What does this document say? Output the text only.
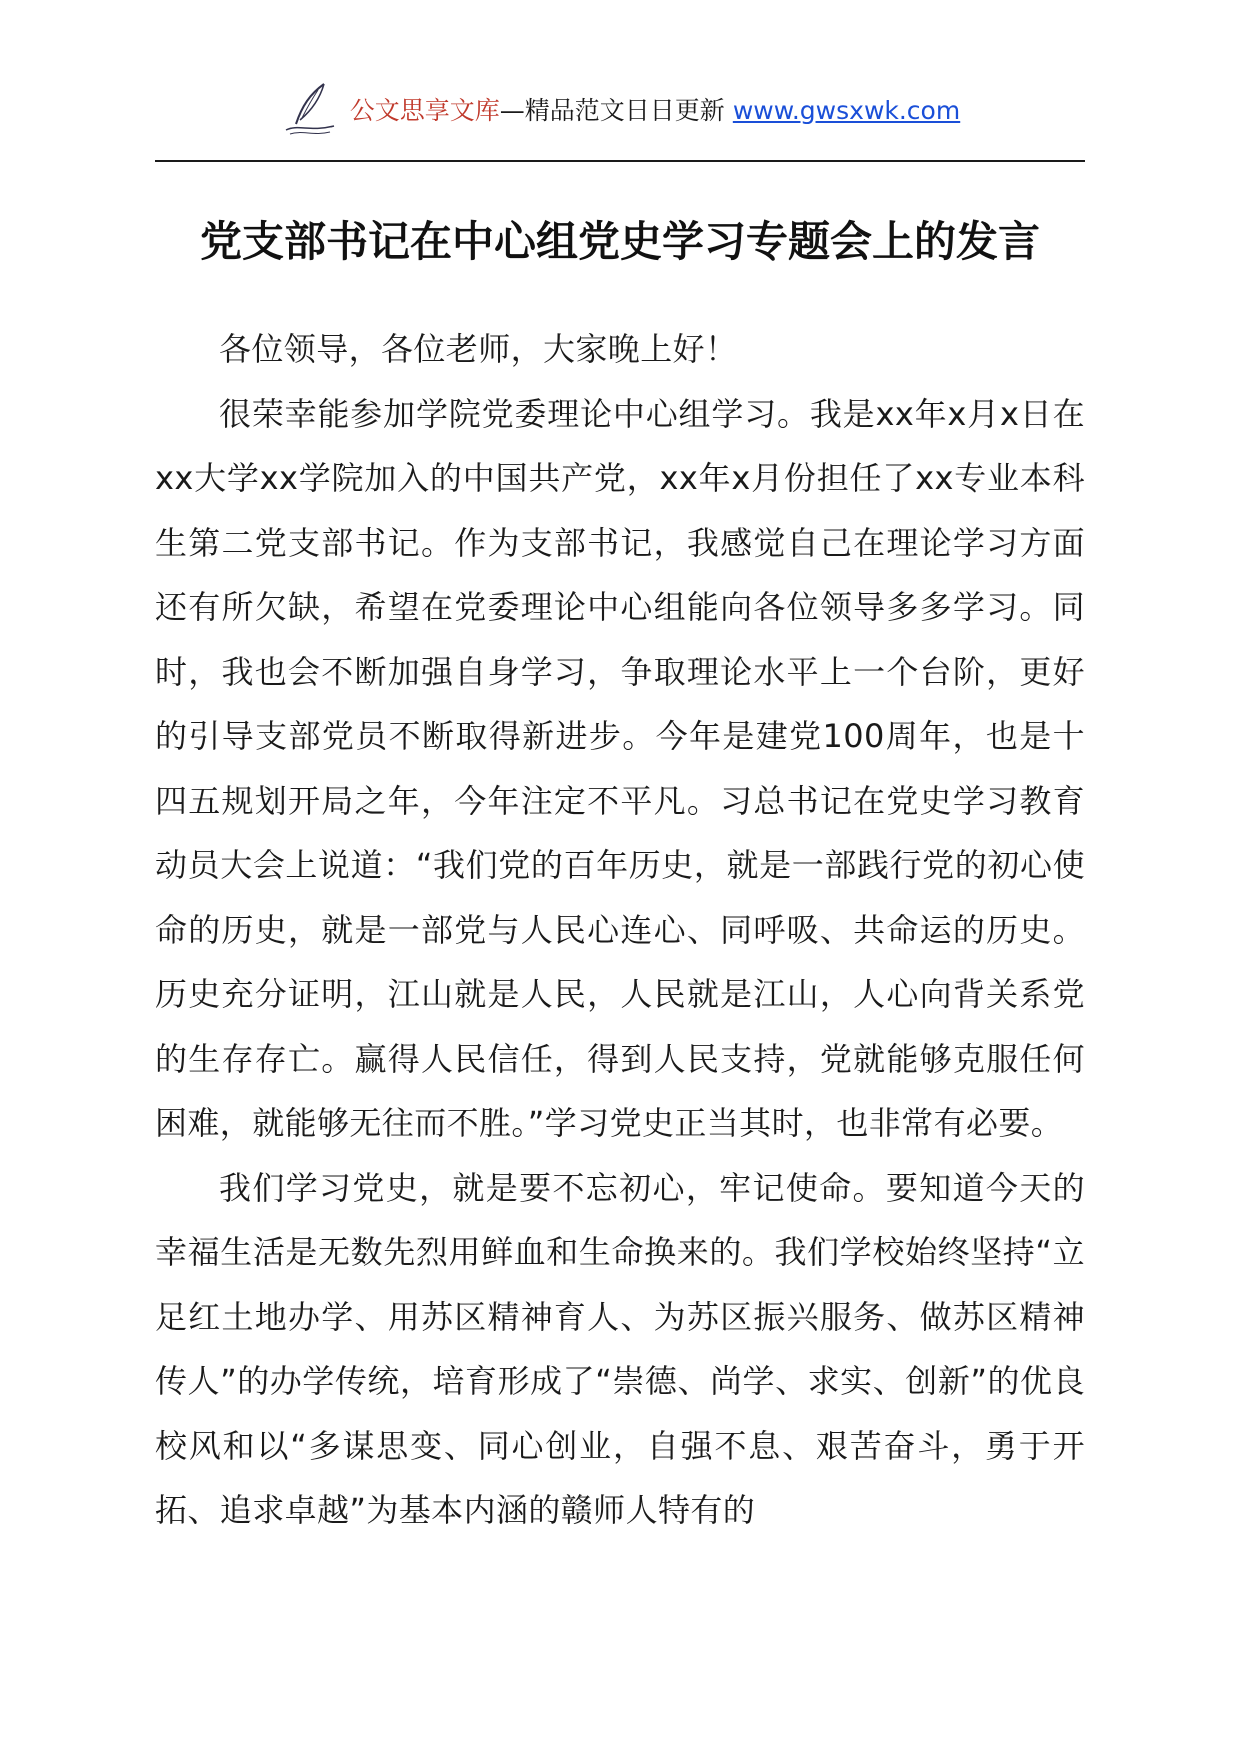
公文思享文库—精品范文日日更新 www.gwsxwk.com
党支部书记在中心组党史学习专题会上的发言

各位领导，各位老师，大家晚上好！

很荣幸能参加学院党委理论中心组学习。我是xx年x月x日在xx大学xx学院加入的中国共产党，xx年x月份担任了xx专业本科生第二党支部书记。作为支部书记，我感觉自己在理论学习方面还有所欠缺，希望在党委理论中心组能向各位领导多多学习。同时，我也会不断加强自身学习，争取理论水平上一个台阶，更好的引导支部党员不断取得新进步。今年是建党100周年，也是十四五规划开局之年，今年注定不平凡。习总书记在党史学习教育动员大会上说道：“我们党的百年历史，就是一部践行党的初心使命的历史，就是一部党与人民心连心、同呼吸、共命运的历史。历史充分证明，江山就是人民，人民就是江山，人心向背关系党的生存存亡。赢得人民信任，得到人民支持，党就能够克服任何困难，就能够无往而不胜。”学习党史正当其时，也非常有必要。

我们学习党史，就是要不忘初心，牢记使命。要知道今天的幸福生活是无数先烈用鲜血和生命换来的。我们学校始终坚持“立足红土地办学、用苏区精神育人、为苏区振兴服务、做苏区精神传人”的办学传统，培育形成了“崇德、尚学、求实、创新”的优良校风和以“多谋思变、同心创业，自强不息、艰苦奋斗，勇于开拓、追求卓越”为基本内涵的赣师人特有的
